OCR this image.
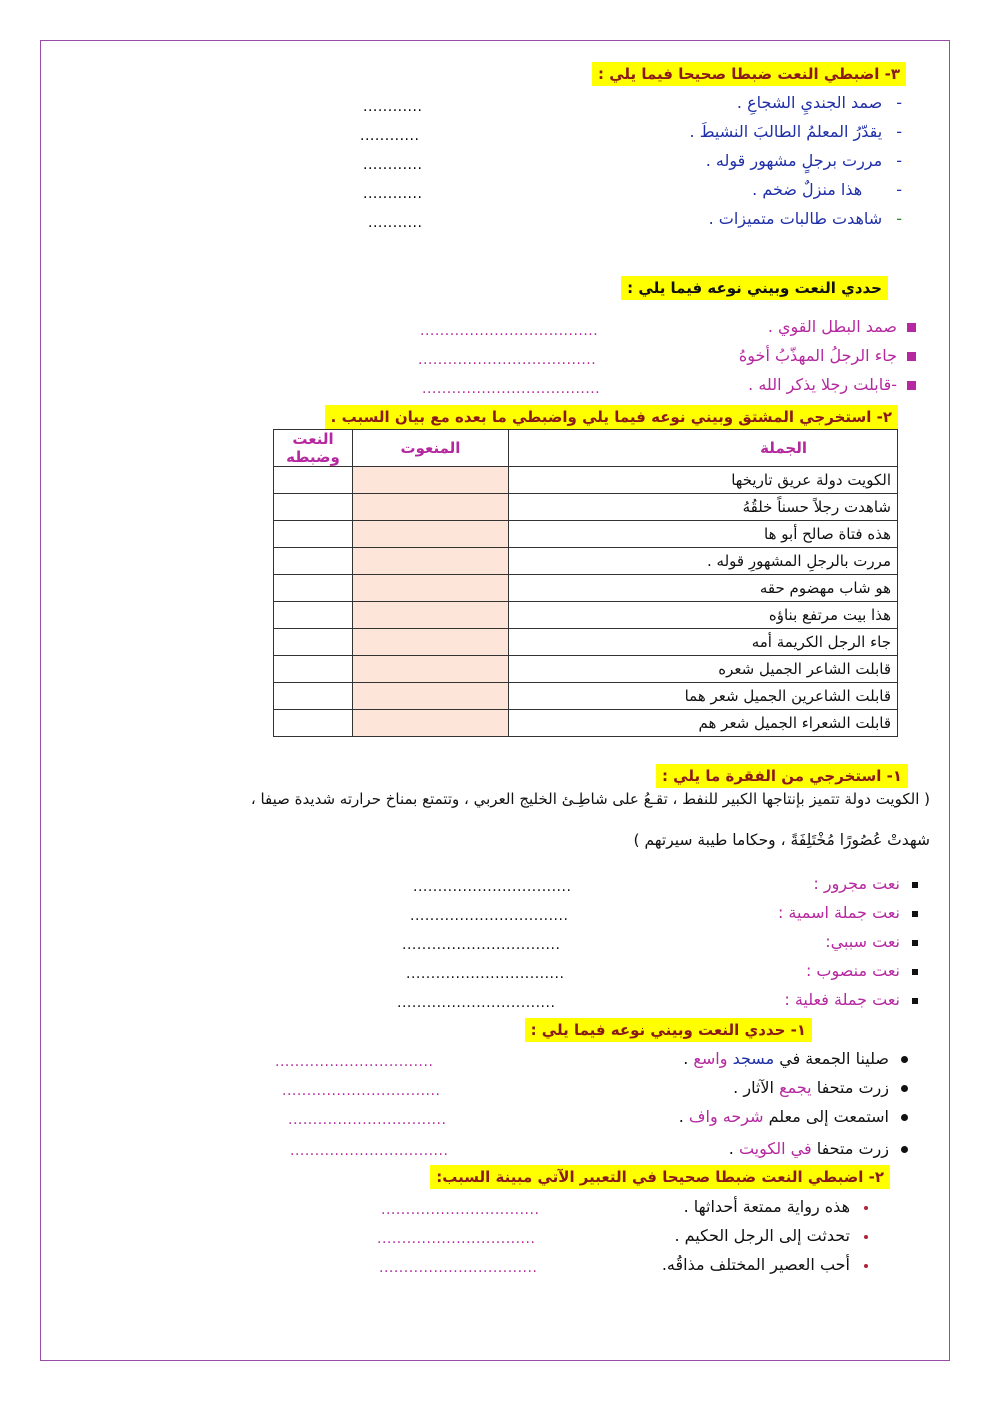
٣- اضبطي النعت ضبطا صحيحا فيما يلي :
-صمد الجنديِ الشجاعِ .
............
-يقدّرُ المعلمُ الطالبَ النشيطَ .
............
-مررت برجلٍ مشهور قوله .
............
-هذا منزلٌ ضخم .
............
-شاهدت طالبات متميزات .
...........
حددي النعت وبيني نوعه فيما يلي :
صمد البطل القوي .
....................................
جاء الرجلُ المهذّبُ أخوهُ
....................................
-قابلت رجلا يذكر الله .
....................................
٢- استخرجي المشتق وبيني نوعه فيما يلي واضبطي ما بعده مع بيان السبب .
الجملة	المنعوت	النعت وضبطه
الكويت دولة عريق تاريخها		
شاهدت رجلاً حسناً خلقُهُ		
هذه فتاة صالح أبو ها		
مررت بالرجلِ المشهورِ قوله .		
هو شاب مهضوم حقه		
هذا بيت مرتفع بناؤه		
جاء الرجل الكريمة أمه		
قابلت الشاعر الجميل شعره		
قابلت الشاعرين الجميل شعر هما		
قابلت الشعراء الجميل شعر هم		
١- استخرجي من الفقرة ما يلي :
( الكويت دولة تتميز بإنتاجها الكبير للنفط ، تقـعُ على شاطِـئ الخليج العربي ، وتتمتع بمناخ حرارته شديدة صيفا ،
شهدتْ عُصُورًا مُخْتَلِفَةً ، وحكاما طيبة سيرتهم )
نعت مجرور :
................................
نعت جملة اسمية :
................................
نعت سببي:
................................
نعت منصوب :
................................
نعت جملة فعلية :
................................
١- حددي النعت وبيني نوعه فيما يلي :
صلينا الجمعة في مسجد واسع .
................................
زرت متحفا يجمع الآثار .
................................
استمعت إلى معلم شرحه واف .
................................
زرت متحفا في الكويت .
................................
٢- اضبطي النعت ضبطا صحيحا في التعبير الآتي مبينة السبب:
هذه رواية ممتعة أحداثها .
................................
تحدثت إلى الرجل الحكيم .
................................
أحب العصير المختلف مذاقُه.
................................
